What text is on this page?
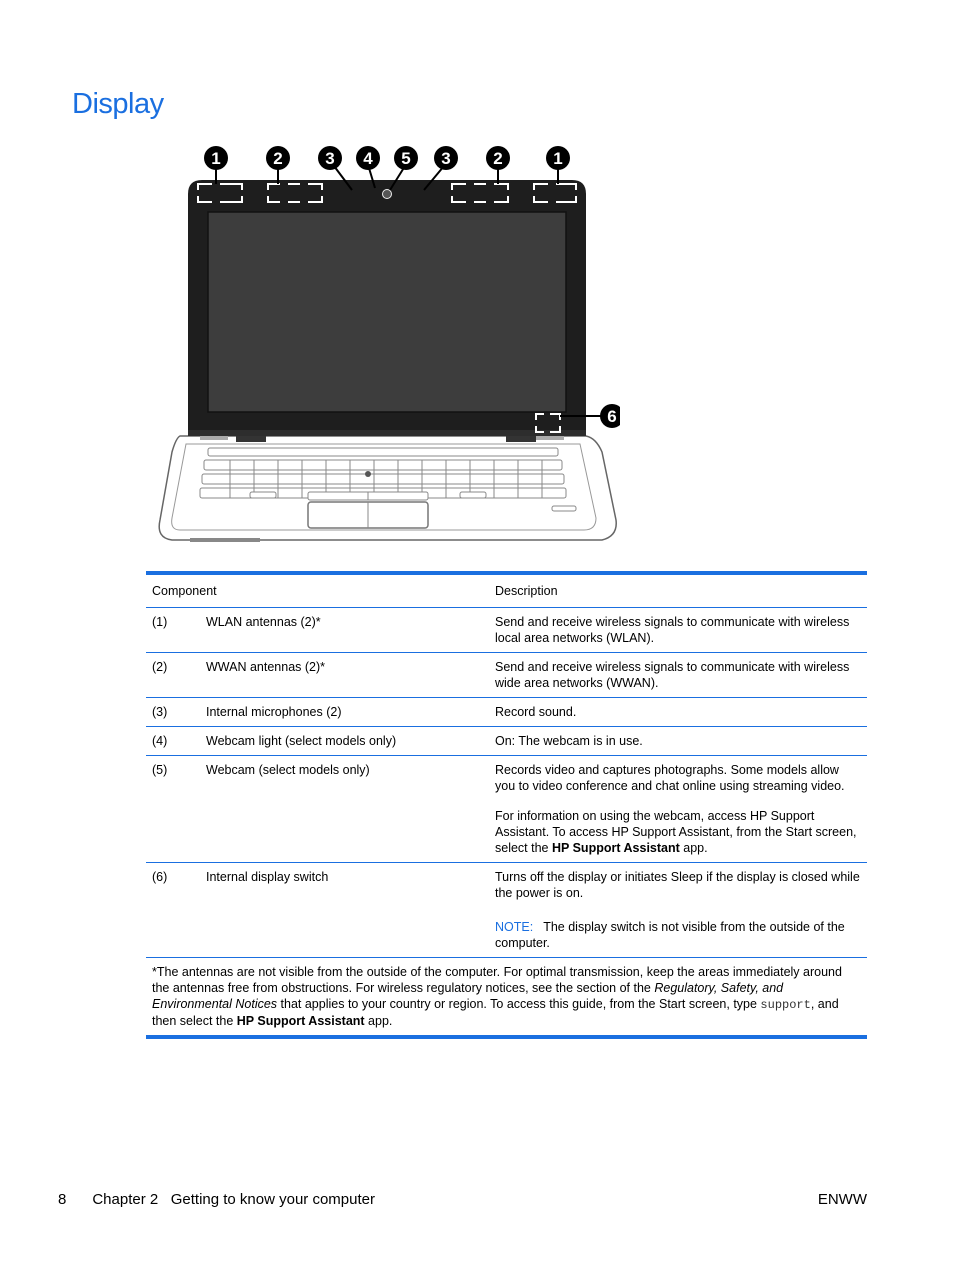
Display
1	2	3 4 5 3	2	1
6
Component	Description
(1)	WLAN antennas (2)*	Send and receive wireless signals to communicate with wireless local area networks (WLAN).

(2)	WWAN antennas (2)*	Send and receive wireless signals to communicate with wireless wide area networks (WWAN).

(3)	Internal microphones (2)	Record sound.

(4)	Webcam light (select models only)	On: The webcam is in use.

(5)	Webcam (select models only)	Records video and captures photographs. Some models allow you to video conference and chat online using streaming video.

For information on using the webcam, access HP Support Assistant. To access HP Support Assistant, from the Start screen, select the HP Support Assistant app.

(6)	Internal display switch	Turns off the display or initiates Sleep if the display is closed while the power is on.

NOTE: The display switch is not visible from the outside of the computer.

*The antennas are not visible from the outside of the computer. For optimal transmission, keep the areas immediately around the antennas free from obstructions. For wireless regulatory notices, see the section of the Regulatory, Safety, and Environmental Notices that applies to your country or region. To access this guide, from the Start screen, type support, and then select the HP Support Assistant app.
8 Chapter 2   Getting to know your computer	ENWW
